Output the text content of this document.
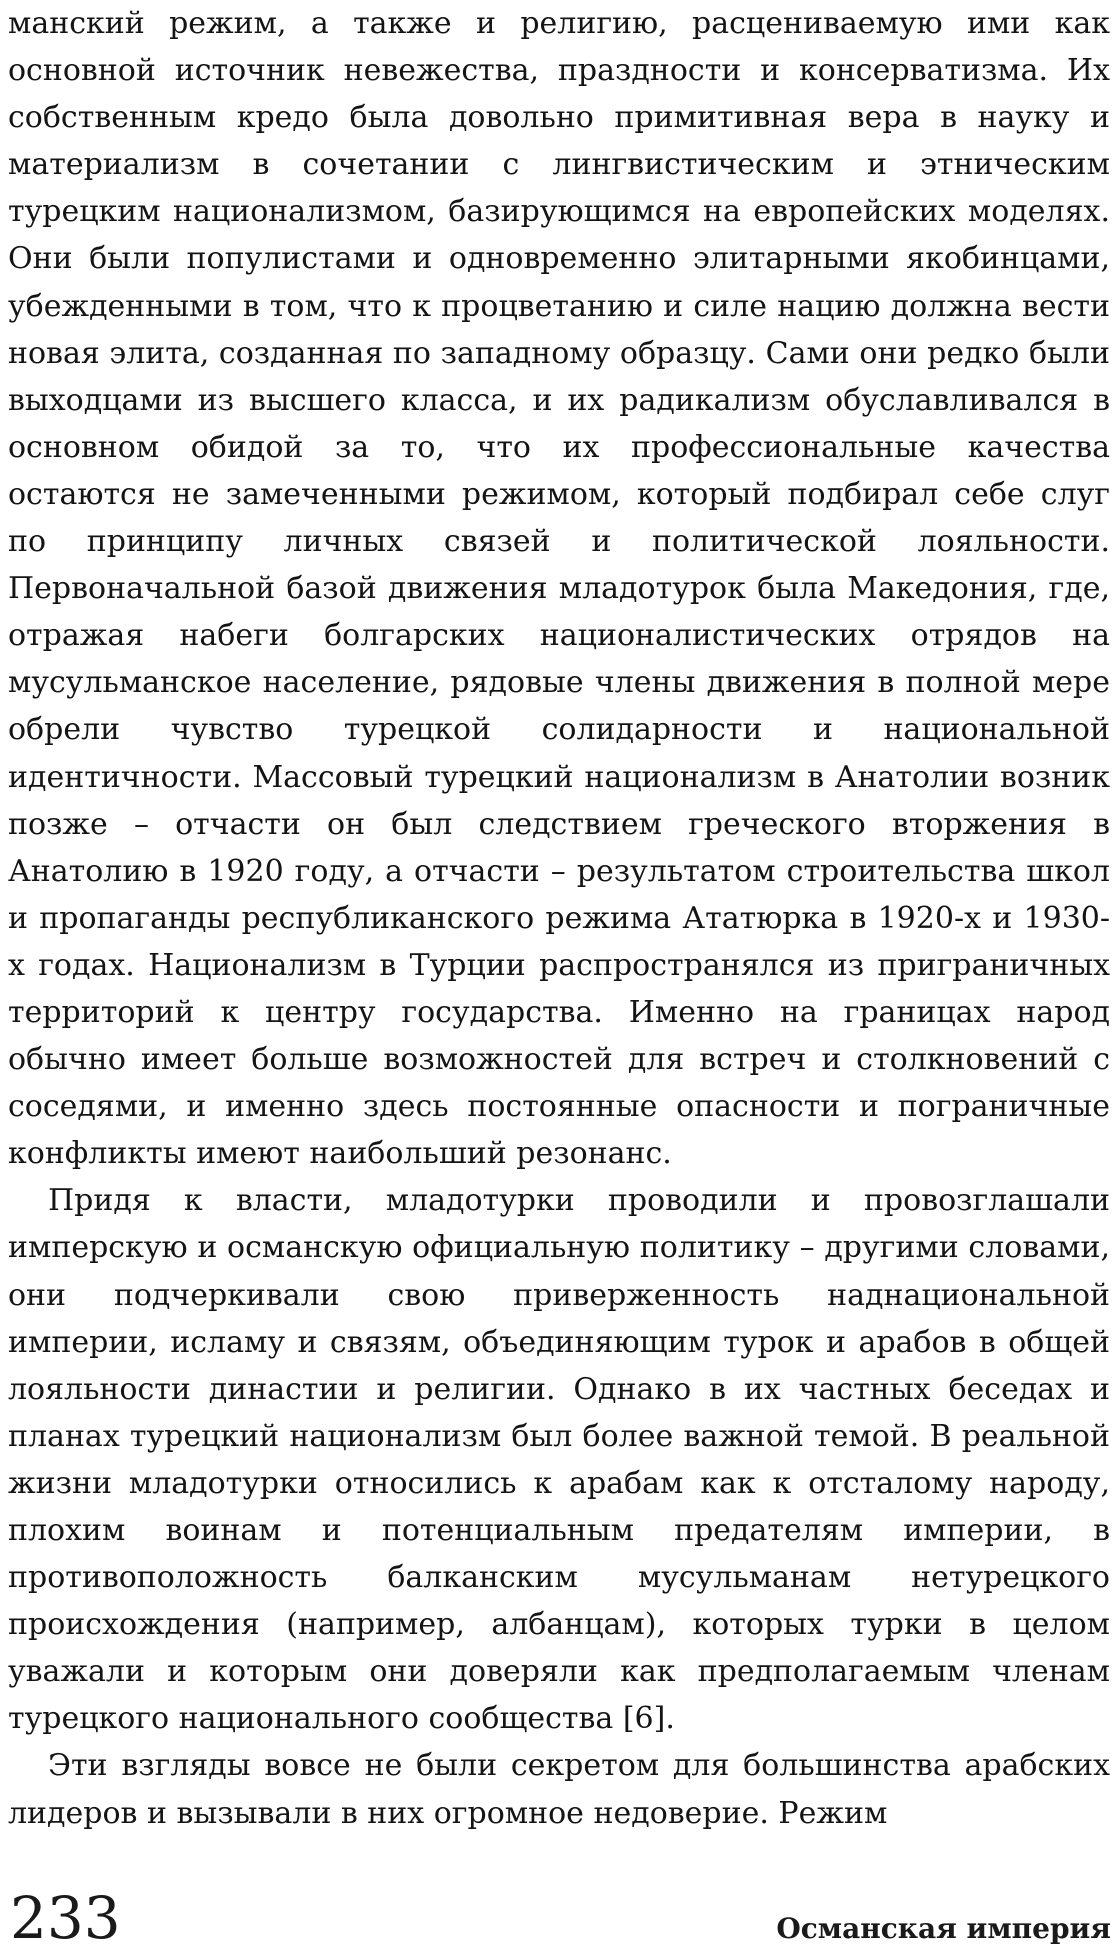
манский режим, а также и религию, расцениваемую ими как основной источник невежества, праздности и консерватизма. Их собственным кредо была довольно примитивная вера в науку и материализм в сочетании с лингвистическим и этническим турецким национализмом, базирующимся на европейских моделях. Они были популистами и одновременно элитарными якобинцами, убежденными в том, что к процветанию и силе нацию должна вести новая элита, созданная по западному образцу. Сами они редко были выходцами из высшего класса, и их радикализм обуславливался в основном обидой за то, что их профессиональные качества остаются не замеченными режимом, который подбирал себе слуг по принципу личных связей и политической лояльности. Первоначальной базой движения младотурок была Македония, где, отражая набеги болгарских националистических отрядов на мусульманское население, рядовые члены движения в полной мере обрели чувство турецкой солидарности и национальной идентичности. Массовый турецкий национализм в Анатолии возник позже – отчасти он был следствием греческого вторжения в Анатолию в 1920 году, а отчасти – результатом строительства школ и пропаганды республиканского режима Ататюрка в 1920-х и 1930-х годах. Национализм в Турции распространялся из приграничных территорий к центру государства. Именно на границах народ обычно имеет больше возможностей для встреч и столкновений с соседями, и именно здесь постоянные опасности и пограничные конфликты имеют наибольший резонанс.

Придя к власти, младотурки проводили и провозглашали имперскую и османскую официальную политику – другими словами, они подчеркивали свою приверженность наднациональной империи, исламу и связям, объединяющим турок и арабов в общей лояльности династии и религии. Однако в их частных беседах и планах турецкий национализм был более важной темой. В реальной жизни младотурки относились к арабам как к отсталому народу, плохим воинам и потенциальным предателям империи, в противоположность балканским мусульманам нетурецкого происхождения (например, албанцам), которых турки в целом уважали и которым они доверяли как предполагаемым членам турецкого национального сообщества [6].

Эти взгляды вовсе не были секретом для большинства арабских лидеров и вызывали в них огромное недоверие. Режим

233	Османская империя
